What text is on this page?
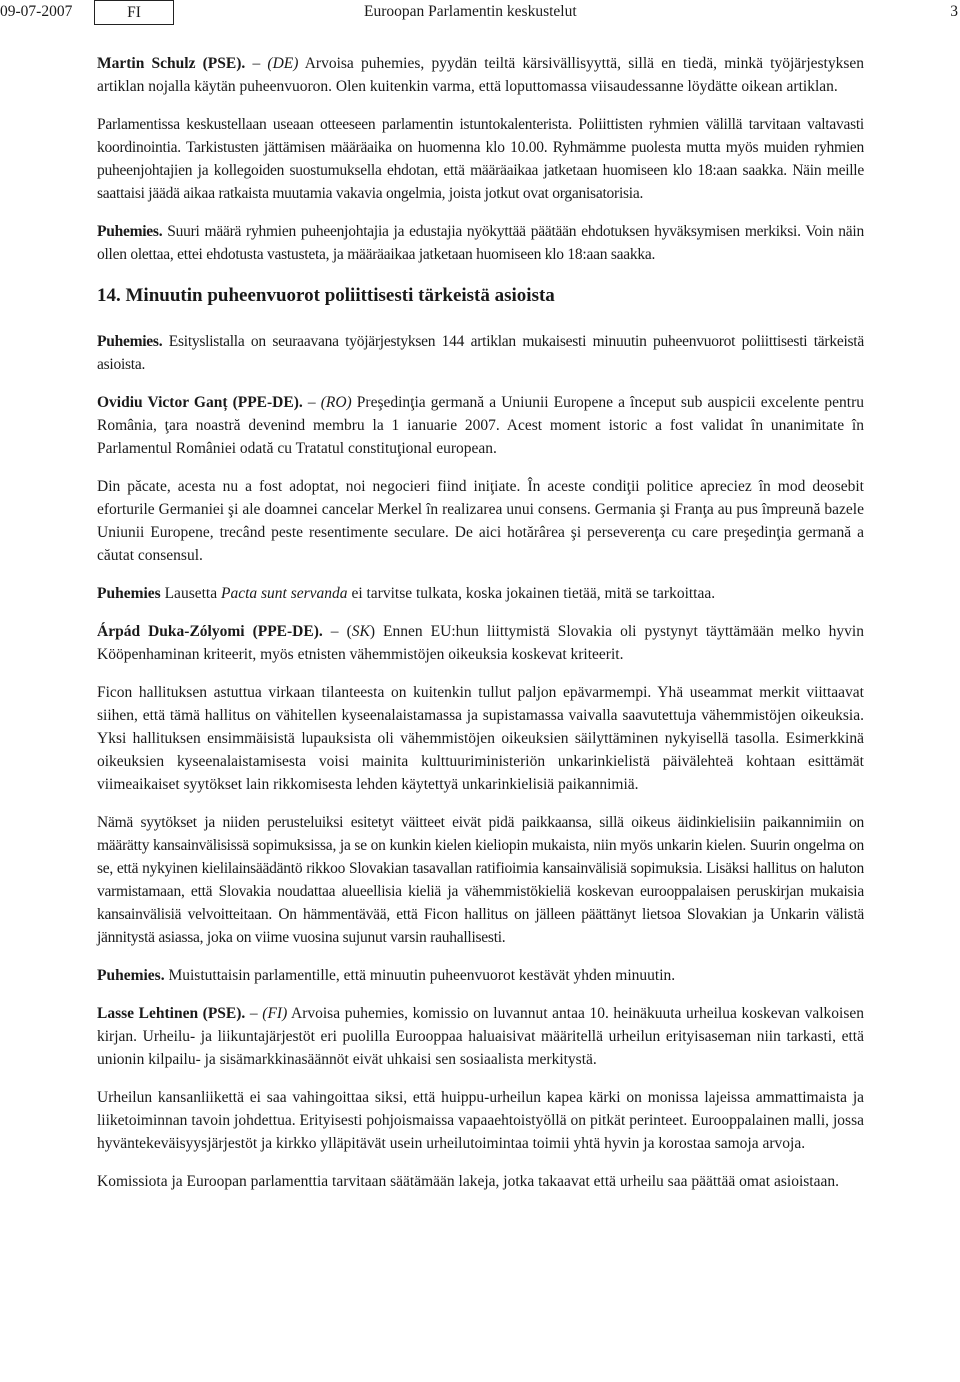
09-07-2007	FI	Euroopan Parlamentin keskustelut	3

Martin Schulz (PSE). – (DE) Arvoisa puhemies, pyydän teiltä kärsivällisyyttä, sillä en tiedä, minkä työjärjestyksen artiklan nojalla käytän puheenvuoron. Olen kuitenkin varma, että loputtomassa viisaudessanne löydätte oikean artiklan.

Parlamentissa keskustellaan useaan otteeseen parlamentin istuntokalenterista. Poliittisten ryhmien välillä tarvitaan valtavasti koordinointia. Tarkistusten jättämisen määräaika on huomenna klo 10.00. Ryhmämme puolesta mutta myös muiden ryhmien puheenjohtajien ja kollegoiden suostumuksella ehdotan, että määräaikaa jatketaan huomiseen klo 18:aan saakka. Näin meille saattaisi jäädä aikaa ratkaista muutamia vakavia ongelmia, joista jotkut ovat organisatorisia.

Puhemies. Suuri määrä ryhmien puheenjohtajia ja edustajia nyökyttää päätään ehdotuksen hyväksymisen merkiksi. Voin näin ollen olettaa, ettei ehdotusta vastusteta, ja määräaikaa jatketaan huomiseen klo 18:aan saakka.

14. Minuutin puheenvuorot poliittisesti tärkeistä asioista

Puhemies. Esityslistalla on seuraavana työjärjestyksen 144 artiklan mukaisesti minuutin puheenvuorot poliittisesti tärkeistä asioista.

Ovidiu Victor Ganț (PPE-DE). – (RO) Preşedinţia germană a Uniunii Europene a început sub auspicii excelente pentru România, ţara noastră devenind membru la 1 ianuarie 2007. Acest moment istoric a fost validat în unanimitate în Parlamentul României odată cu Tratatul constituţional european.

Din păcate, acesta nu a fost adoptat, noi negocieri fiind iniţiate. În aceste condiţii politice apreciez în mod deosebit eforturile Germaniei şi ale doamnei cancelar Merkel în realizarea unui consens. Germania şi Franţa au pus împreună bazele Uniunii Europene, trecând peste resentimente seculare. De aici hotărârea şi perseverenţa cu care preşedinţia germană a căutat consensul.

Puhemies Lausetta Pacta sunt servanda ei tarvitse tulkata, koska jokainen tietää, mitä se tarkoittaa.

Árpád Duka-Zólyomi (PPE-DE). – (SK) Ennen EU:hun liittymistä Slovakia oli pystynyt täyttämään melko hyvin Kööpenhaminan kriteerit, myös etnisten vähemmistöjen oikeuksia koskevat kriteerit.

Ficon hallituksen astuttua virkaan tilanteesta on kuitenkin tullut paljon epävarmempi. Yhä useammat merkit viittaavat siihen, että tämä hallitus on vähitellen kyseenalaistamassa ja supistamassa vaivalla saavutettuja vähemmistöjen oikeuksia. Yksi hallituksen ensimmäisistä lupauksista oli vähemmistöjen oikeuksien säilyttäminen nykyisellä tasolla. Esimerkkinä oikeuksien kyseenalaistamisesta voisi mainita kulttuuriministeriön unkarinkielistä päivälehteä kohtaan esittämät viimeaikaiset syytökset lain rikkomisesta lehden käytettyä unkarinkielisiä paikannimiä.

Nämä syytökset ja niiden perusteluiksi esitetyt väitteet eivät pidä paikkaansa, sillä oikeus äidinkielisiin paikannimiin on määrätty kansainvälisissä sopimuksissa, ja se on kunkin kielen kieliopin mukaista, niin myös unkarin kielen. Suurin ongelma on se, että nykyinen kielilainsäädäntö rikkoo Slovakian tasavallan ratifioimia kansainvälisiä sopimuksia. Lisäksi hallitus on haluton varmistamaan, että Slovakia noudattaa alueellisia kieliä ja vähemmistökieliä koskevan eurooppalaisen peruskirjan mukaisia kansainvälisiä velvoitteitaan. On hämmentävää, että Ficon hallitus on jälleen päättänyt lietsoa Slovakian ja Unkarin välistä jännitystä asiassa, joka on viime vuosina sujunut varsin rauhallisesti.

Puhemies. Muistuttaisin parlamentille, että minuutin puheenvuorot kestävät yhden minuutin.

Lasse Lehtinen (PSE). – (FI) Arvoisa puhemies, komissio on luvannut antaa 10. heinäkuuta urheilua koskevan valkoisen kirjan. Urheilu- ja liikuntajärjestöt eri puolilla Eurooppaa haluaisivat määritellä urheilun erityisaseman niin tarkasti, että unionin kilpailu- ja sisämarkkinasäännöt eivät uhkaisi sen sosiaalista merkitystä.

Urheilun kansanliikettä ei saa vahingoittaa siksi, että huippu-urheilun kapea kärki on monissa lajeissa ammattimaista ja liiketoiminnan tavoin johdettua. Erityisesti pohjoismaissa vapaaehtoistyöllä on pitkät perinteet. Eurooppalainen malli, jossa hyväntekeväisyysjärjestöt ja kirkko ylläpitävät usein urheilutoimintaa toimii yhtä hyvin ja korostaa samoja arvoja.

Komissiota ja Euroopan parlamenttia tarvitaan säätämään lakeja, jotka takaavat että urheilu saa päättää omat asioistaan.
